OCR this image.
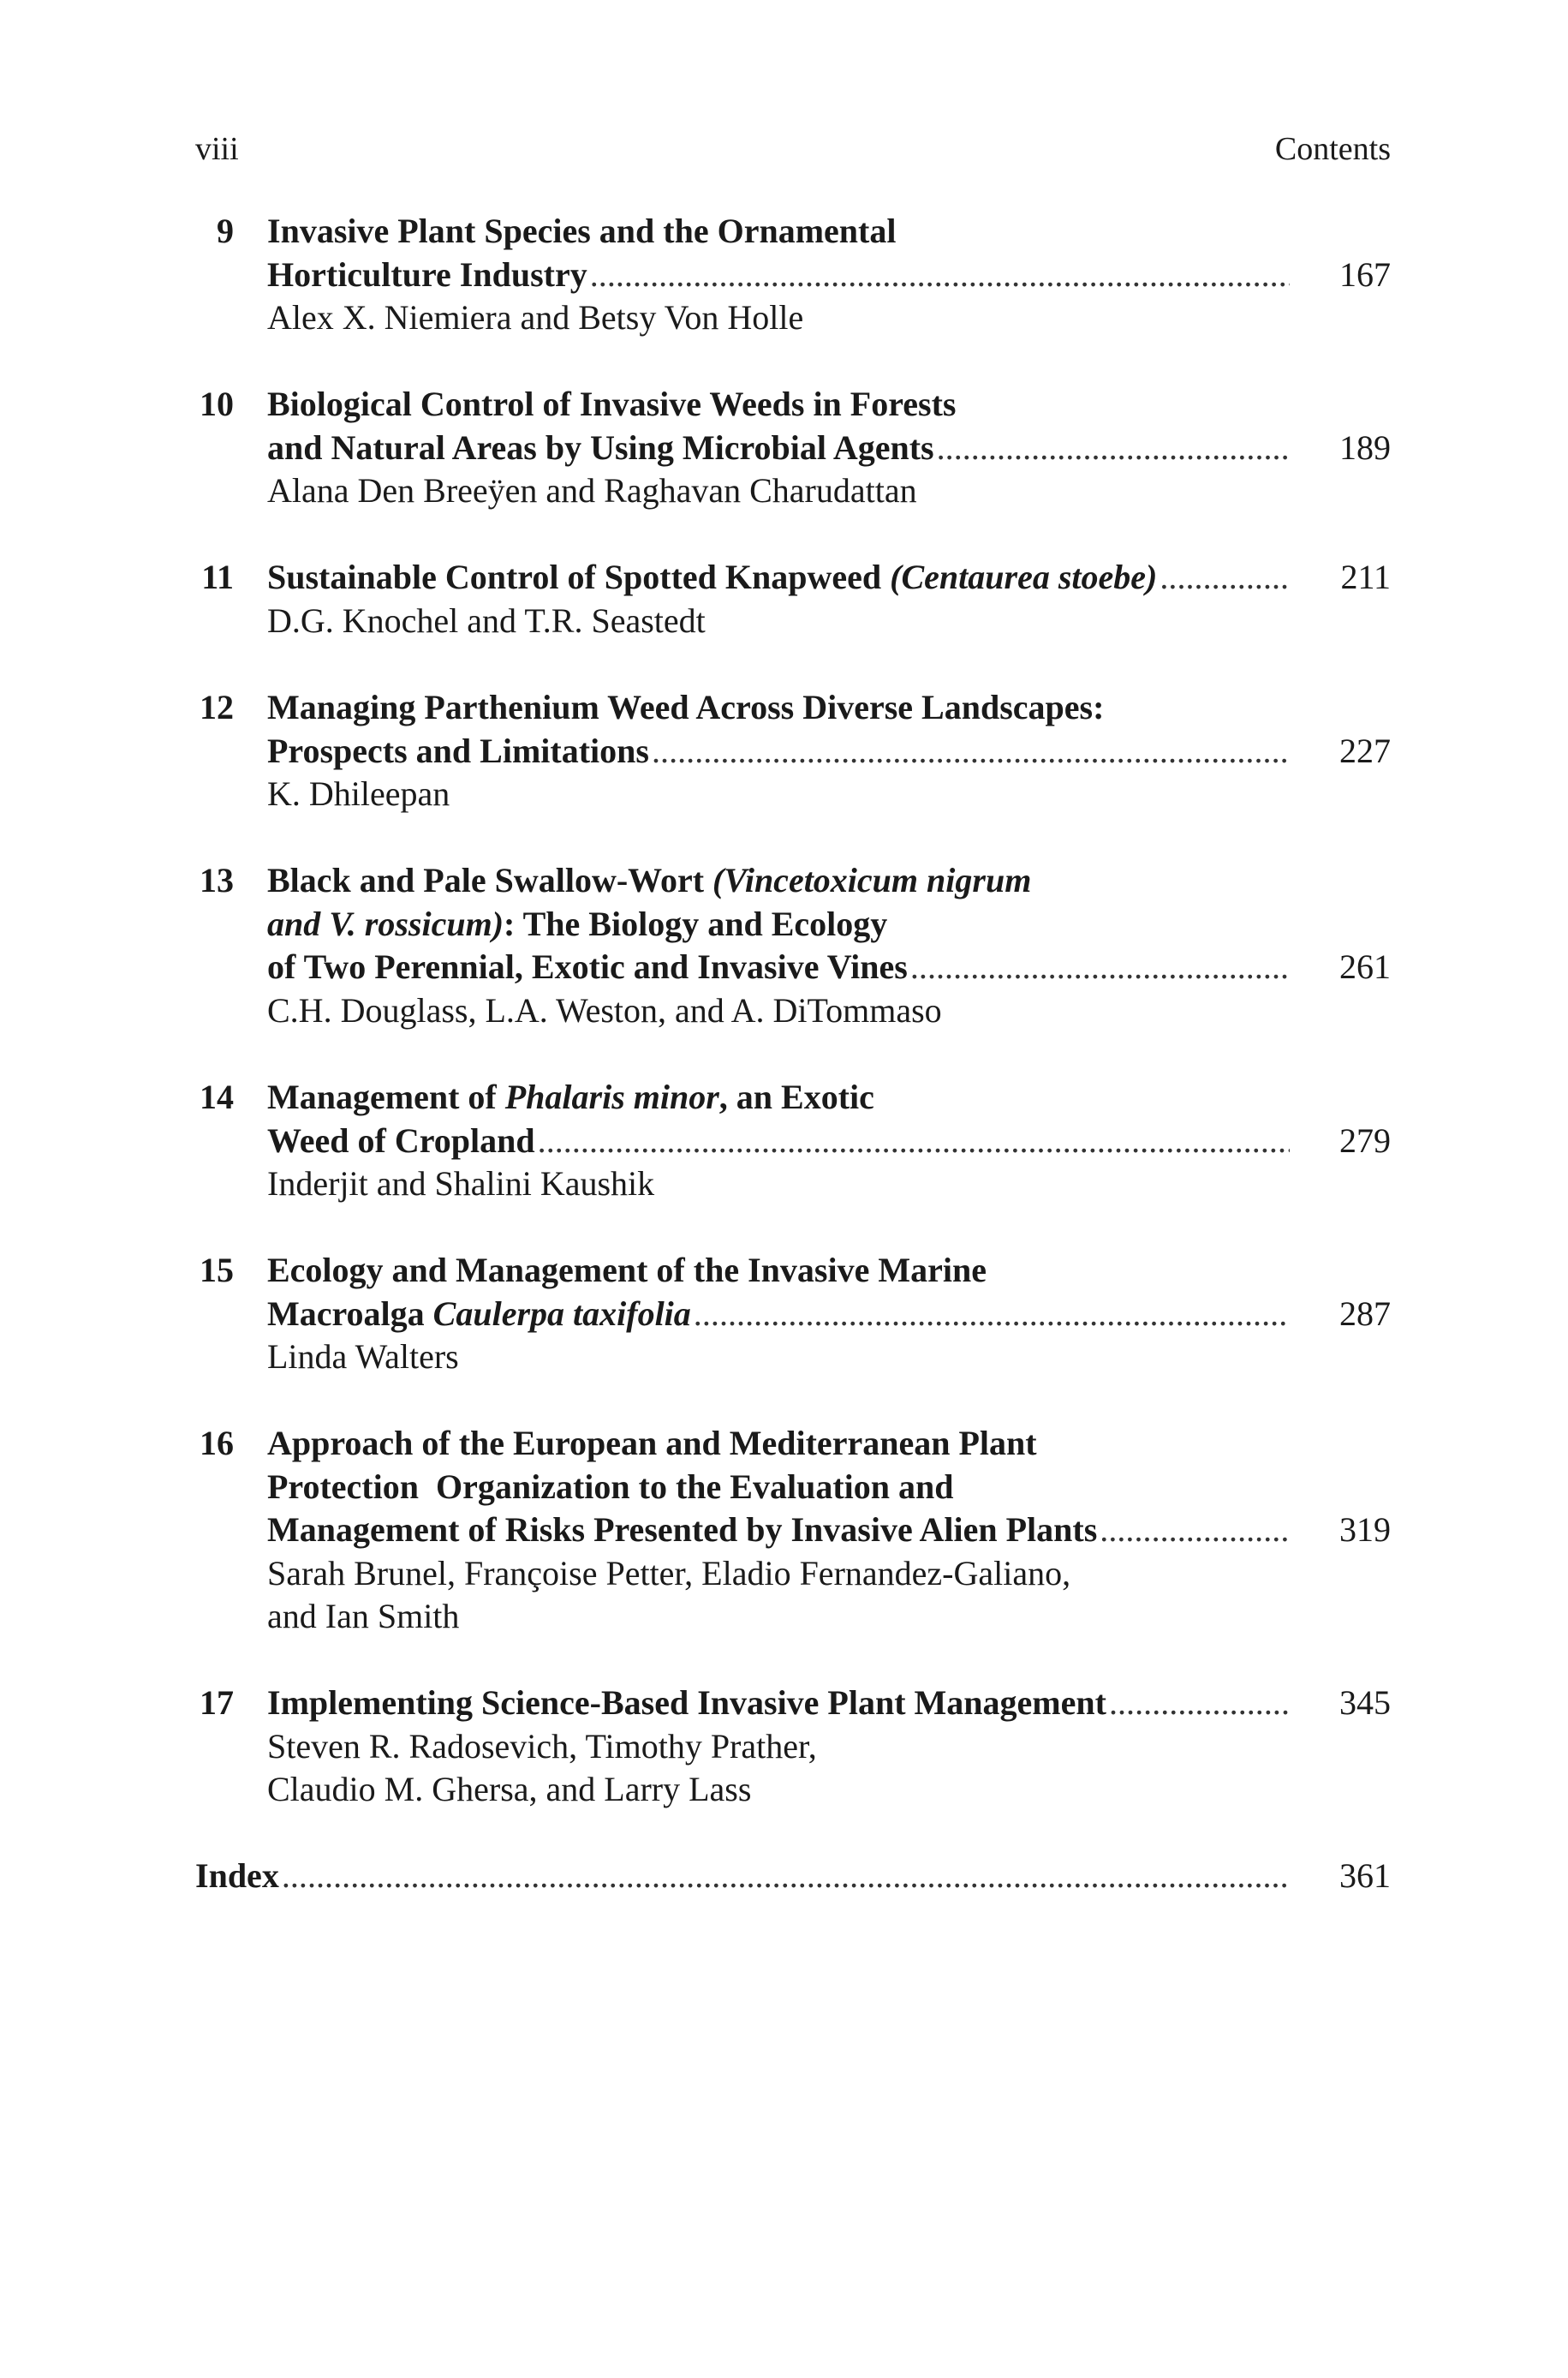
viii	Contents
9 Invasive Plant Species and the Ornamental
Horticulture Industry .....	167
Alex X. Niemiera and Betsy Von Holle
10 Biological Control of Invasive Weeds in Forests
and Natural Areas by Using Microbial Agents .....	189
Alana Den Breeÿen and Raghavan Charudattan
11 Sustainable Control of Spotted Knapweed (Centaurea stoebe) .....	211
D.G. Knochel and T.R. Seastedt
12 Managing Parthenium Weed Across Diverse Landscapes:
Prospects and Limitations .....	227
K. Dhileepan
13 Black and Pale Swallow-Wort (Vincetoxicum nigrum
and V. rossicum): The Biology and Ecology
of Two Perennial, Exotic and Invasive Vines .....	261
C.H. Douglass, L.A. Weston, and A. DiTommaso
14 Management of Phalaris minor, an Exotic
Weed of Cropland .....	279
Inderjit and Shalini Kaushik
15 Ecology and Management of the Invasive Marine
Macroalga Caulerpa taxifolia .....	287
Linda Walters
16 Approach of the European and Mediterranean Plant
Protection  Organization to the Evaluation and
Management of Risks Presented by Invasive Alien Plants .....	319
Sarah Brunel, Françoise Petter, Eladio Fernandez-Galiano,
and Ian Smith
17 Implementing Science-Based Invasive Plant Management .....	345
Steven R. Radosevich, Timothy Prather,
Claudio M. Ghersa, and Larry Lass
Index .....	361
